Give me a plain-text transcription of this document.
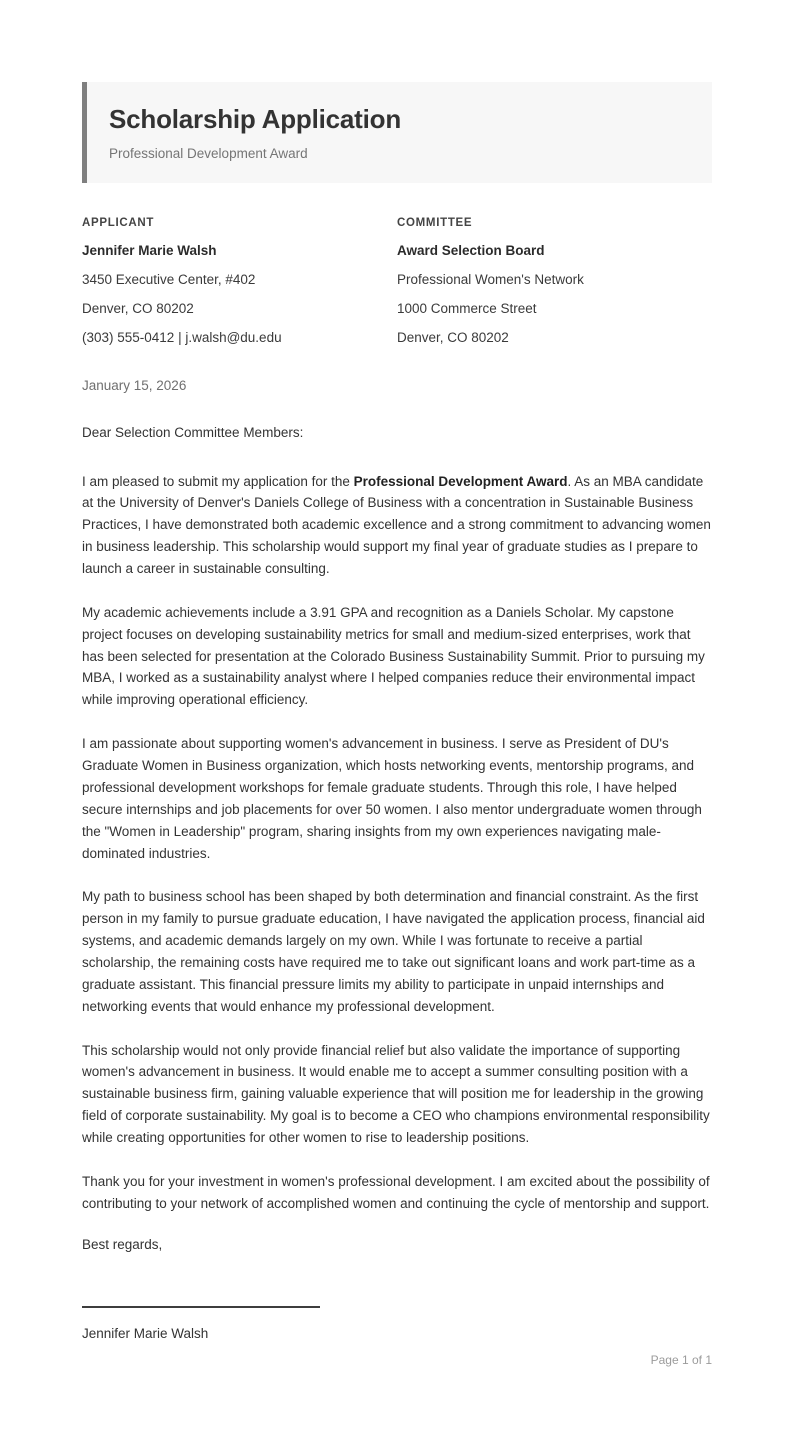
Scholarship Application
Professional Development Award
APPLICANT
Jennifer Marie Walsh
3450 Executive Center, #402
Denver, CO 80202
(303) 555-0412 | j.walsh@du.edu
COMMITTEE
Award Selection Board
Professional Women's Network
1000 Commerce Street
Denver, CO 80202
January 15, 2026
Dear Selection Committee Members:

I am pleased to submit my application for the Professional Development Award. As an MBA candidate at the University of Denver's Daniels College of Business with a concentration in Sustainable Business Practices, I have demonstrated both academic excellence and a strong commitment to advancing women in business leadership. This scholarship would support my final year of graduate studies as I prepare to launch a career in sustainable consulting.

My academic achievements include a 3.91 GPA and recognition as a Daniels Scholar. My capstone project focuses on developing sustainability metrics for small and medium-sized enterprises, work that has been selected for presentation at the Colorado Business Sustainability Summit. Prior to pursuing my MBA, I worked as a sustainability analyst where I helped companies reduce their environmental impact while improving operational efficiency.

I am passionate about supporting women's advancement in business. I serve as President of DU's Graduate Women in Business organization, which hosts networking events, mentorship programs, and professional development workshops for female graduate students. Through this role, I have helped secure internships and job placements for over 50 women. I also mentor undergraduate women through the "Women in Leadership" program, sharing insights from my own experiences navigating male-dominated industries.

My path to business school has been shaped by both determination and financial constraint. As the first person in my family to pursue graduate education, I have navigated the application process, financial aid systems, and academic demands largely on my own. While I was fortunate to receive a partial scholarship, the remaining costs have required me to take out significant loans and work part-time as a graduate assistant. This financial pressure limits my ability to participate in unpaid internships and networking events that would enhance my professional development.

This scholarship would not only provide financial relief but also validate the importance of supporting women's advancement in business. It would enable me to accept a summer consulting position with a sustainable business firm, gaining valuable experience that will position me for leadership in the growing field of corporate sustainability. My goal is to become a CEO who champions environmental responsibility while creating opportunities for other women to rise to leadership positions.

Thank you for your investment in women's professional development. I am excited about the possibility of contributing to your network of accomplished women and continuing the cycle of mentorship and support.

Best regards,
Jennifer Marie Walsh
Page 1 of 1
